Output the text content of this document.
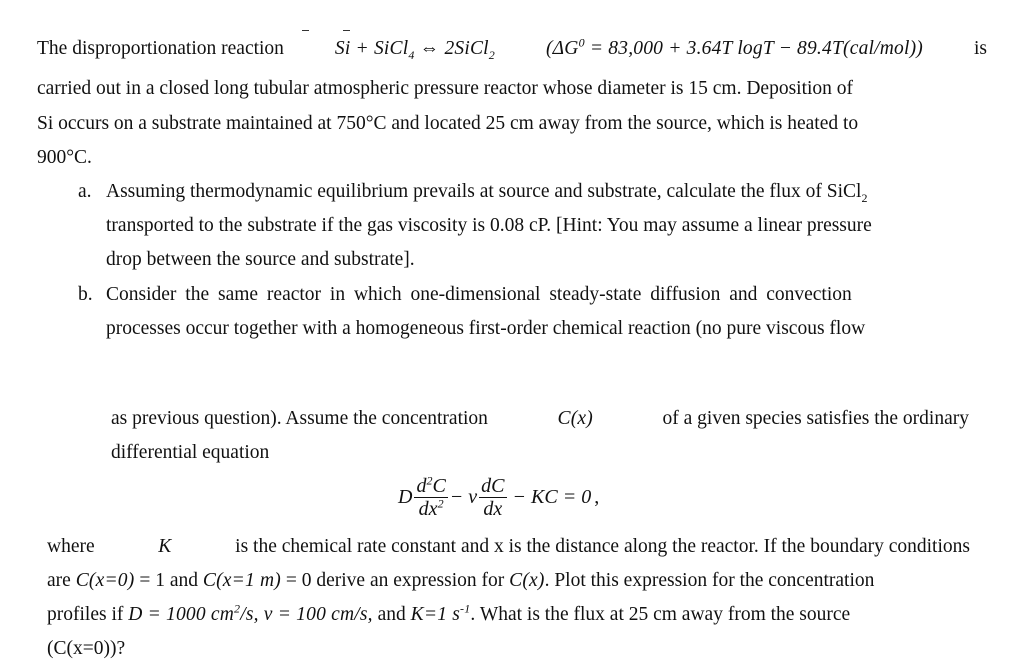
The disproportionation reaction	Si + SiCl$_4$ ⇔ 2SiCl$_2$	($\Delta G^0 = 83,000 + 3.64T$ logT − 89.4T(cal/mol))	is
carried out in a closed long tubular atmospheric pressure reactor whose diameter is 15 cm. Deposition of
Si occurs on a substrate maintained at 750°C and located 25 cm away from the source, which is heated to
900°C.
a. Assuming thermodynamic equilibrium prevails at source and substrate, calculate the flux of SiCl$_2$
transported to the substrate if the gas viscosity is 0.08 cP. [Hint: You may assume a linear pressure
drop between the source and substrate].
b. Consider the same reactor in which one-dimensional steady-state diffusion and convection
processes occur together with a homogeneous first-order chemical reaction (no pure viscous flow
as previous question). Assume the concentration	C(x)	of a given species satisfies the ordinary
differential equation
D $\frac{d^2C}{dx^2} - v \frac{dC}{dx}$ − KC = 0 ,
where	K	is the chemical rate constant and x is the distance along the reactor. If the boundary conditions
are C(x=0) = 1 and C(x=1 m) = 0 derive an expression for C(x). Plot this expression for the concentration
profiles if D = 1000 $cm^2/s$, v = 100 cm/s, and K=1 $s^{-1}$. What is the flux at 25 cm away from the source
(C(x=0))?
